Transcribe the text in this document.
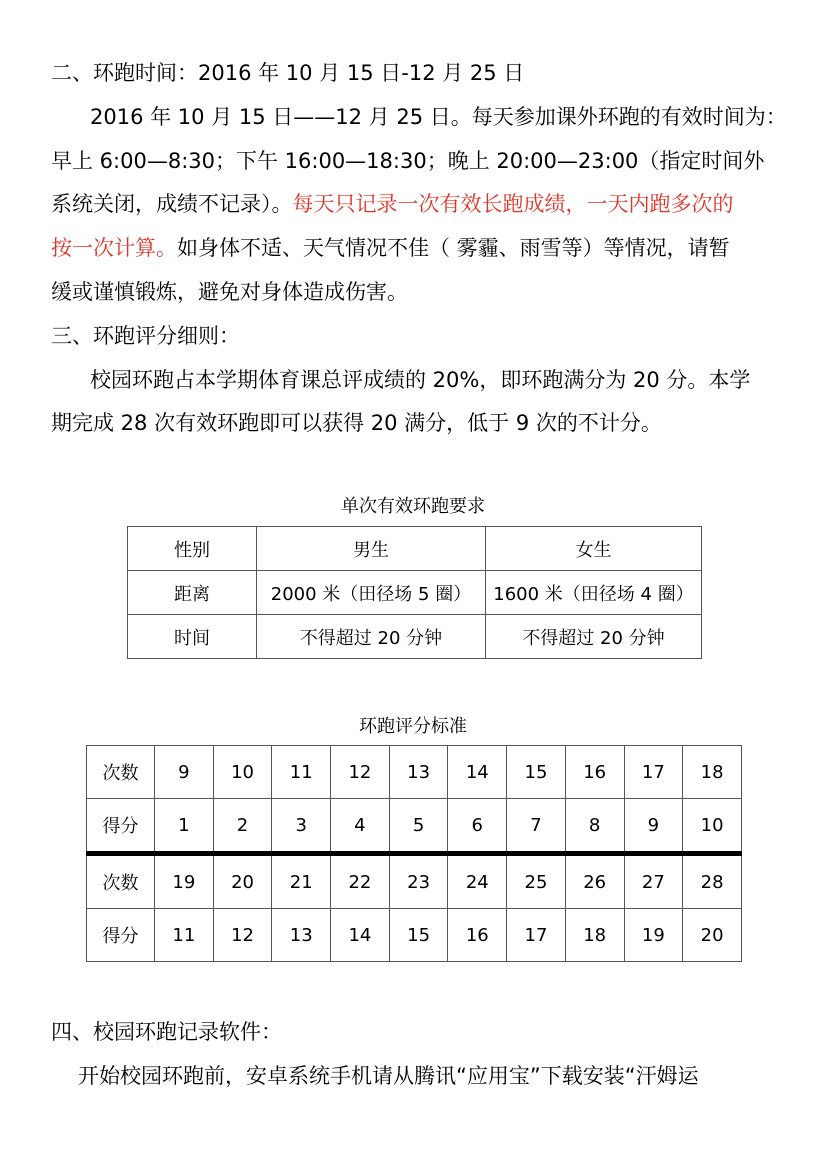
二、环跑时间：2016 年 10 月 15 日-12 月 25 日
2016 年 10 月 15 日——12 月 25 日。每天参加课外环跑的有效时间为：
早上 6:00—8:30；下午 16:00—18:30；晚上 20:00—23:00（指定时间外
系统关闭，成绩不记录）。每天只记录一次有效长跑成绩，一天内跑多次的
按一次计算。如身体不适、天气情况不佳（ 雾霾、雨雪等）等情况，请暂
缓或谨慎锻炼，避免对身体造成伤害。
三、环跑评分细则：
校园环跑占本学期体育课总评成绩的 20%，即环跑满分为 20 分。本学
期完成 28 次有效环跑即可以获得 20 满分，低于 9 次的不计分。
单次有效环跑要求
性别	男生	女生
距离	2000 米（田径场 5 圈）	1600 米（田径场 4 圈）
时间	不得超过 20 分钟	不得超过 20 分钟
环跑评分标准
次数	9	10	11	12	13	14	15	16	17	18
得分	1	2	3	4	5	6	7	8	9	10
次数	19	20	21	22	23	24	25	26	27	28
得分	11	12	13	14	15	16	17	18	19	20
四、校园环跑记录软件：
开始校园环跑前，安卓系统手机请从腾讯“应用宝”下载安装“汗姆运
